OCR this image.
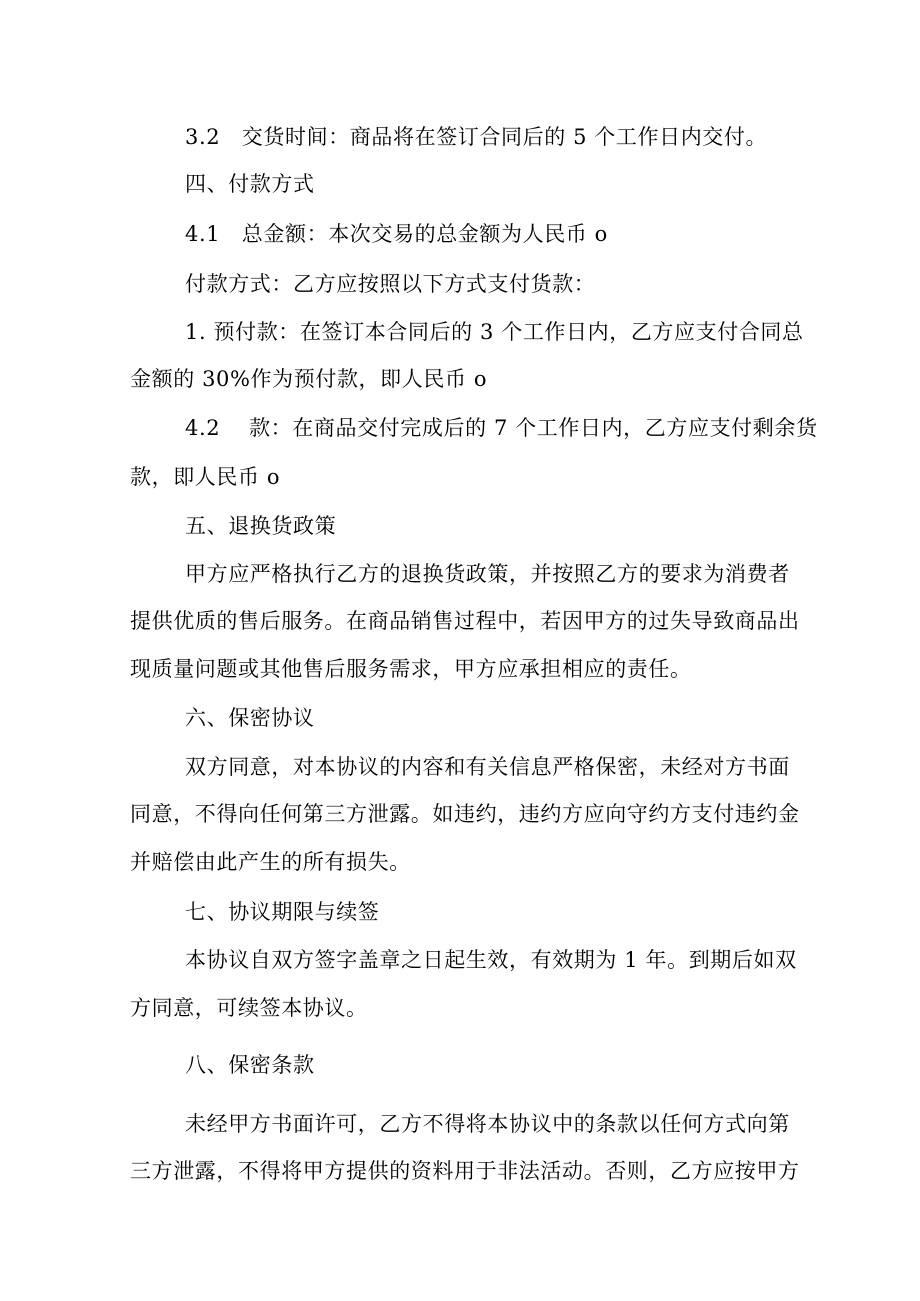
3.2　交货时间：商品将在签订合同后的 5 个工作日内交付。
四、付款方式
4.1　总金额：本次交易的总金额为人民币 o
付款方式：乙方应按照以下方式支付货款：
1. 预付款：在签订本合同后的 3 个工作日内，乙方应支付合同总
金额的 30%作为预付款，即人民币 o
4.2　 款：在商品交付完成后的 7 个工作日内，乙方应支付剩余货
款，即人民币 o
五、退换货政策
甲方应严格执行乙方的退换货政策，并按照乙方的要求为消费者
提供优质的售后服务。在商品销售过程中，若因甲方的过失导致商品出
现质量问题或其他售后服务需求，甲方应承担相应的责任。
六、保密协议
双方同意，对本协议的内容和有关信息严格保密，未经对方书面
同意，不得向任何第三方泄露。如违约，违约方应向守约方支付违约金
并赔偿由此产生的所有损失。
七、协议期限与续签
本协议自双方签字盖章之日起生效，有效期为 1 年。到期后如双
方同意，可续签本协议。
八、保密条款
未经甲方书面许可，乙方不得将本协议中的条款以任何方式向第
三方泄露，不得将甲方提供的资料用于非法活动。否则，乙方应按甲方
